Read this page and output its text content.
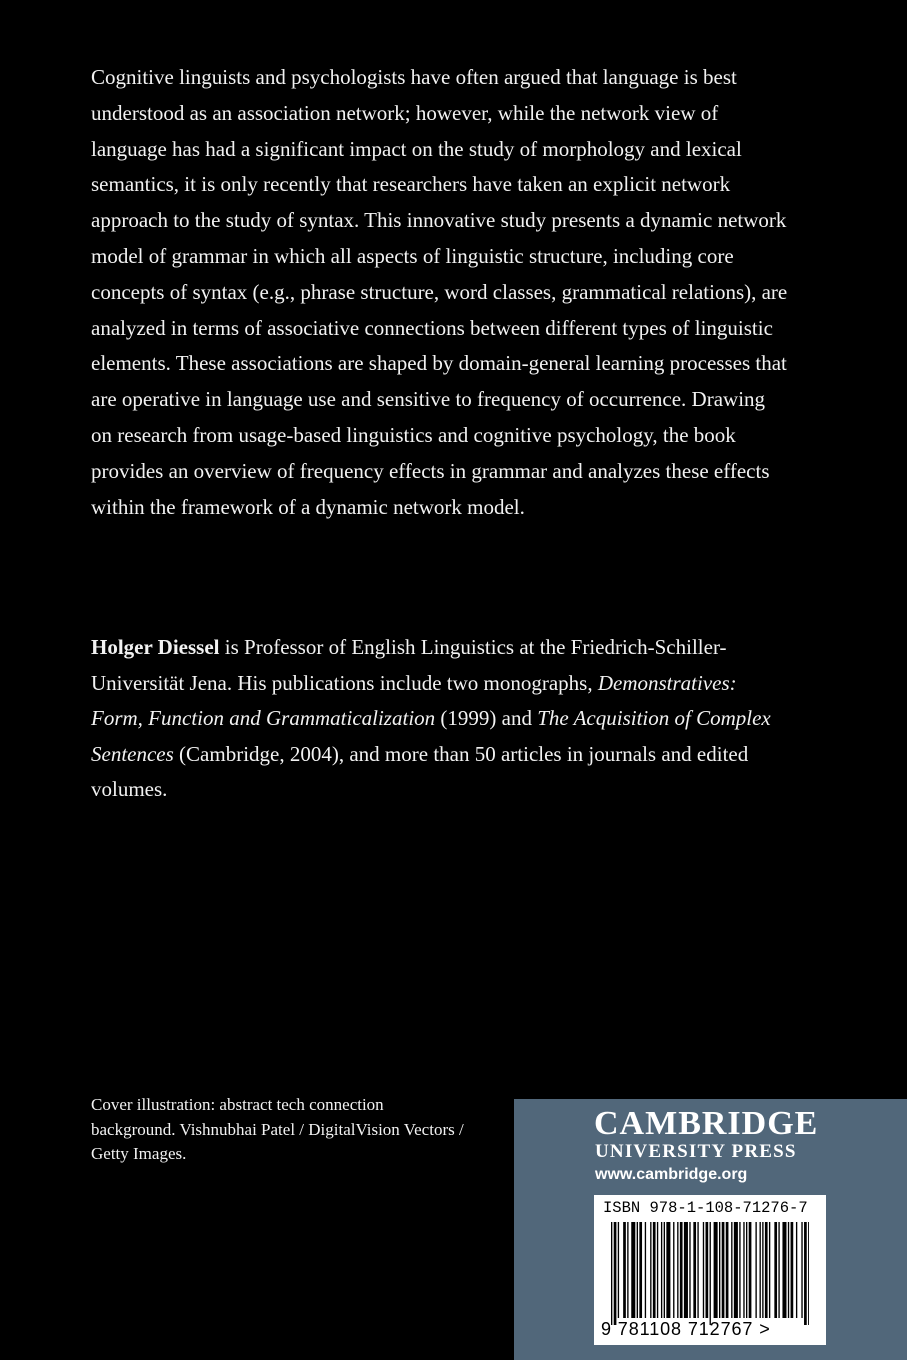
Cognitive linguists and psychologists have often argued that language is best understood as an association network; however, while the network view of language has had a significant impact on the study of morphology and lexical semantics, it is only recently that researchers have taken an explicit network approach to the study of syntax. This innovative study presents a dynamic network model of grammar in which all aspects of linguistic structure, including core concepts of syntax (e.g., phrase structure, word classes, grammatical relations), are analyzed in terms of associative connections between different types of linguistic elements. These associations are shaped by domain-general learning processes that are operative in language use and sensitive to frequency of occurrence. Drawing on research from usage-based linguistics and cognitive psychology, the book provides an overview of frequency effects in grammar and analyzes these effects within the framework of a dynamic network model.

Holger Diessel is Professor of English Linguistics at the Friedrich-Schiller-Universität Jena. His publications include two monographs, Demonstratives: Form, Function and Grammaticalization (1999) and The Acquisition of Complex Sentences (Cambridge, 2004), and more than 50 articles in journals and edited volumes.

Cover illustration: abstract tech connection background. Vishnubhai Patel / DigitalVision Vectors / Getty Images.

CAMBRIDGE
UNIVERSITY PRESS
www.cambridge.org
ISBN 978-1-108-71276-7
9 781108 712767 >
